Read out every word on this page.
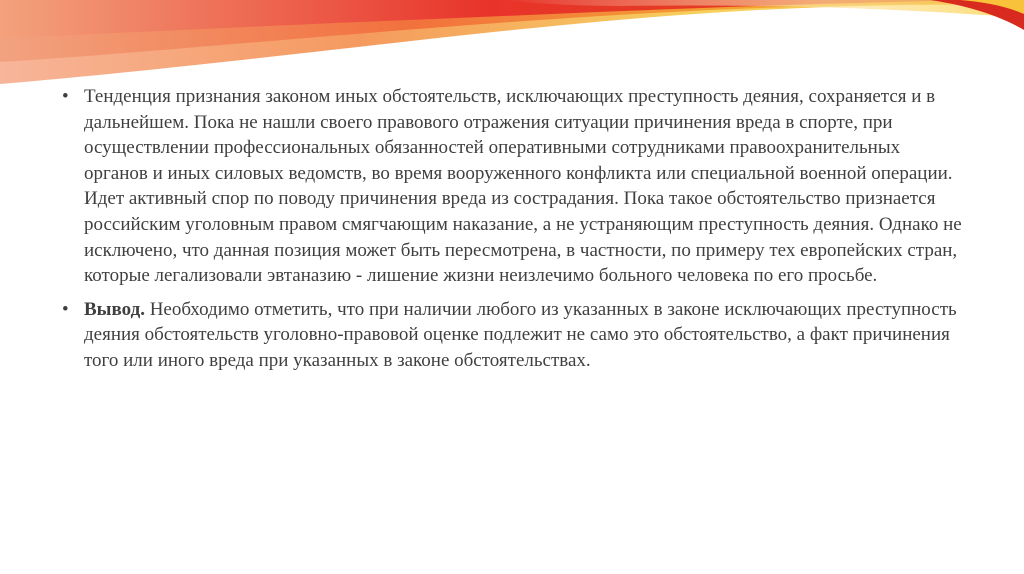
• Тенденция признания законом иных обстоятельств, исключающих преступность деяния, сохраняется и в дальнейшем. Пока не нашли своего правового отражения ситуации причинения вреда в спорте, при осуществлении профессиональных обязанностей оперативными сотрудниками правоохранительных органов и иных силовых ведомств, во время вооруженного конфликта или специальной военной операции. Идет активный спор по поводу причинения вреда из сострадания. Пока такое обстоятельство признается российским уголовным правом смягчающим наказание, а не устраняющим преступность деяния. Однако не исключено, что данная позиция может быть пересмотрена, в частности, по примеру тех европейских стран, которые легализовали эвтаназию - лишение жизни неизлечимо больного человека по его просьбе.
• Вывод. Необходимо отметить, что при наличии любого из указанных в законе исключающих преступность деяния обстоятельств уголовно-правовой оценке подлежит не само это обстоятельство, а факт причинения того или иного вреда при указанных в законе обстоятельствах.
